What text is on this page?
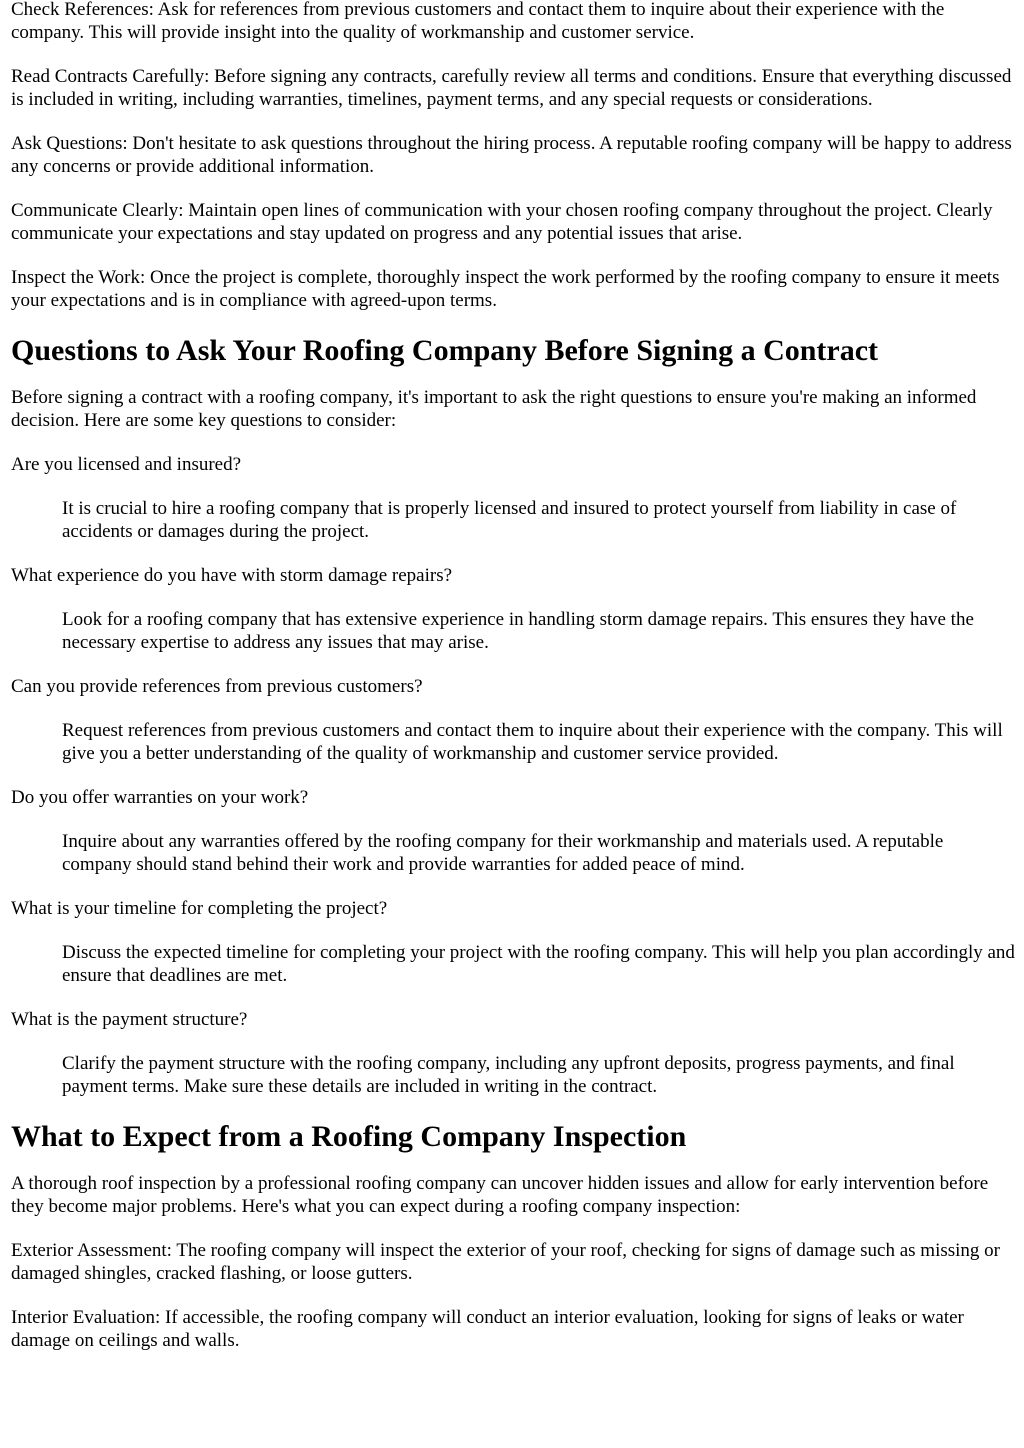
Check References: Ask for references from previous customers and contact them to inquire about their experience with the company. This will provide insight into the quality of workmanship and customer service.

Read Contracts Carefully: Before signing any contracts, carefully review all terms and conditions. Ensure that everything discussed is included in writing, including warranties, timelines, payment terms, and any special requests or considerations.

Ask Questions: Don't hesitate to ask questions throughout the hiring process. A reputable roofing company will be happy to address any concerns or provide additional information.

Communicate Clearly: Maintain open lines of communication with your chosen roofing company throughout the project. Clearly communicate your expectations and stay updated on progress and any potential issues that arise.

Inspect the Work: Once the project is complete, thoroughly inspect the work performed by the roofing company to ensure it meets your expectations and is in compliance with agreed-upon terms.

Questions to Ask Your Roofing Company Before Signing a Contract

Before signing a contract with a roofing company, it's important to ask the right questions to ensure you're making an informed decision. Here are some key questions to consider:

Are you licensed and insured?

It is crucial to hire a roofing company that is properly licensed and insured to protect yourself from liability in case of accidents or damages during the project.

What experience do you have with storm damage repairs?

Look for a roofing company that has extensive experience in handling storm damage repairs. This ensures they have the necessary expertise to address any issues that may arise.

Can you provide references from previous customers?

Request references from previous customers and contact them to inquire about their experience with the company. This will give you a better understanding of the quality of workmanship and customer service provided.

Do you offer warranties on your work?

Inquire about any warranties offered by the roofing company for their workmanship and materials used. A reputable company should stand behind their work and provide warranties for added peace of mind.

What is your timeline for completing the project?

Discuss the expected timeline for completing your project with the roofing company. This will help you plan accordingly and ensure that deadlines are met.

What is the payment structure?

Clarify the payment structure with the roofing company, including any upfront deposits, progress payments, and final payment terms. Make sure these details are included in writing in the contract.

What to Expect from a Roofing Company Inspection

A thorough roof inspection by a professional roofing company can uncover hidden issues and allow for early intervention before they become major problems. Here's what you can expect during a roofing company inspection:

Exterior Assessment: The roofing company will inspect the exterior of your roof, checking for signs of damage such as missing or damaged shingles, cracked flashing, or loose gutters.

Interior Evaluation: If accessible, the roofing company will conduct an interior evaluation, looking for signs of leaks or water damage on ceilings and walls.
